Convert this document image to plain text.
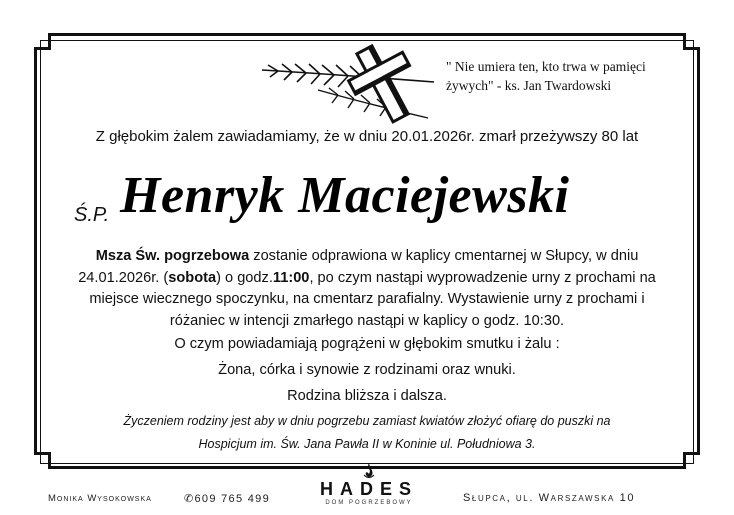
" Nie umiera ten, kto trwa w pamięci
żywych" - ks. Jan Twardowski
Z głębokim żalem zawiadamiamy, że w dniu 20.01.2026r. zmarł przeżywszy 80 lat
Ś.P. Henryk Maciejewski
Msza Św. pogrzebowa zostanie odprawiona w kaplicy cmentarnej w Słupcy, w dniu 24.01.2026r. (sobota) o godz.11:00, po czym nastąpi wyprowadzenie urny z prochami na miejsce wiecznego spoczynku, na cmentarz parafialny. Wystawienie urny z prochami i różaniec w intencji zmarłego nastąpi w kaplicy o godz. 10:30.
O czym powiadamiają pogrążeni w głębokim smutku i żalu :
Żona, córka i synowie z rodzinami oraz wnuki.
Rodzina bliższa i dalsza.
Życzeniem rodziny jest aby w dniu pogrzebu zamiast kwiatów złożyć ofiarę do puszki na
Hospicjum im. Św. Jana Pawła II w Koninie ul. Południowa 3.
Monika Wysokowska	✆609 765 499	HADES
DOM POGRZEBOWY	Słupca, ul. Warszawska 10
